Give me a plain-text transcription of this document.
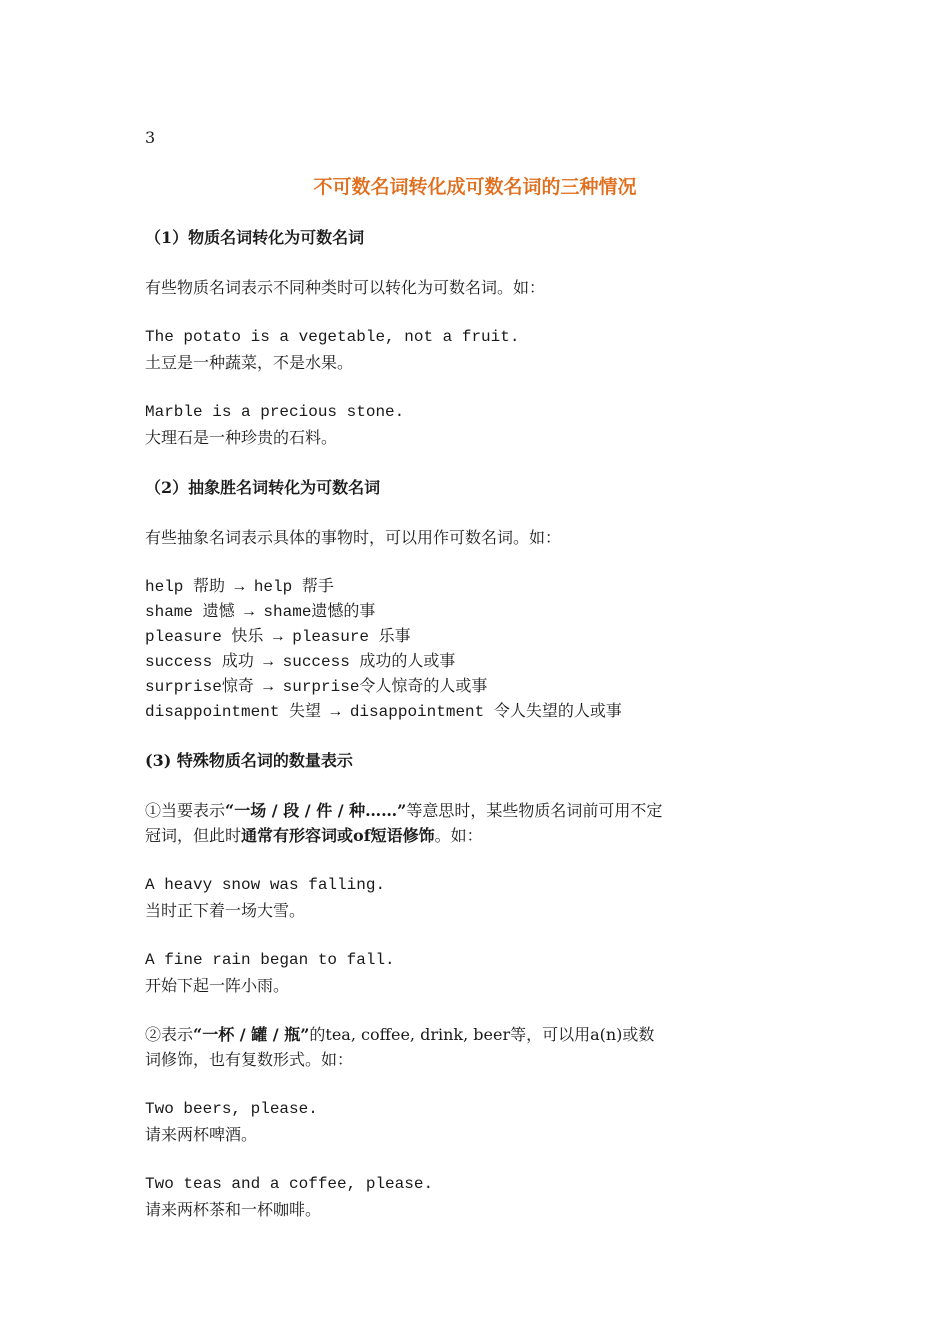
3
不可数名词转化成可数名词的三种情况
（1）物质名词转化为可数名词
有些物质名词表示不同种类时可以转化为可数名词。如：
The potato is a vegetable, not a fruit.
土豆是一种蔬菜，不是水果。
Marble is a precious stone.
大理石是一种珍贵的石料。
（2）抽象胜名词转化为可数名词
有些抽象名词表示具体的事物时，可以用作可数名词。如：
help 帮助 → help 帮手
shame 遗憾 → shame遗憾的事
pleasure 快乐 → pleasure 乐事
success 成功 → success 成功的人或事
surprise惊奇 → surprise令人惊奇的人或事
disappointment 失望 → disappointment 令人失望的人或事
(3) 特殊物质名词的数量表示
①当要表示“一场 / 段 / 件 / 种……”等意思时，某些物质名词前可用不定
冠词，但此时通常有形容词或of短语修饰。如：
A heavy snow was falling.
当时正下着一场大雪。
A fine rain began to fall.
开始下起一阵小雨。
②表示“一杯 / 罐 / 瓶”的tea, coffee, drink, beer等，可以用a(n)或数
词修饰，也有复数形式。如：
Two beers, please.
请来两杯啤酒。
Two teas and a coffee, please.
请来两杯茶和一杯咖啡。
